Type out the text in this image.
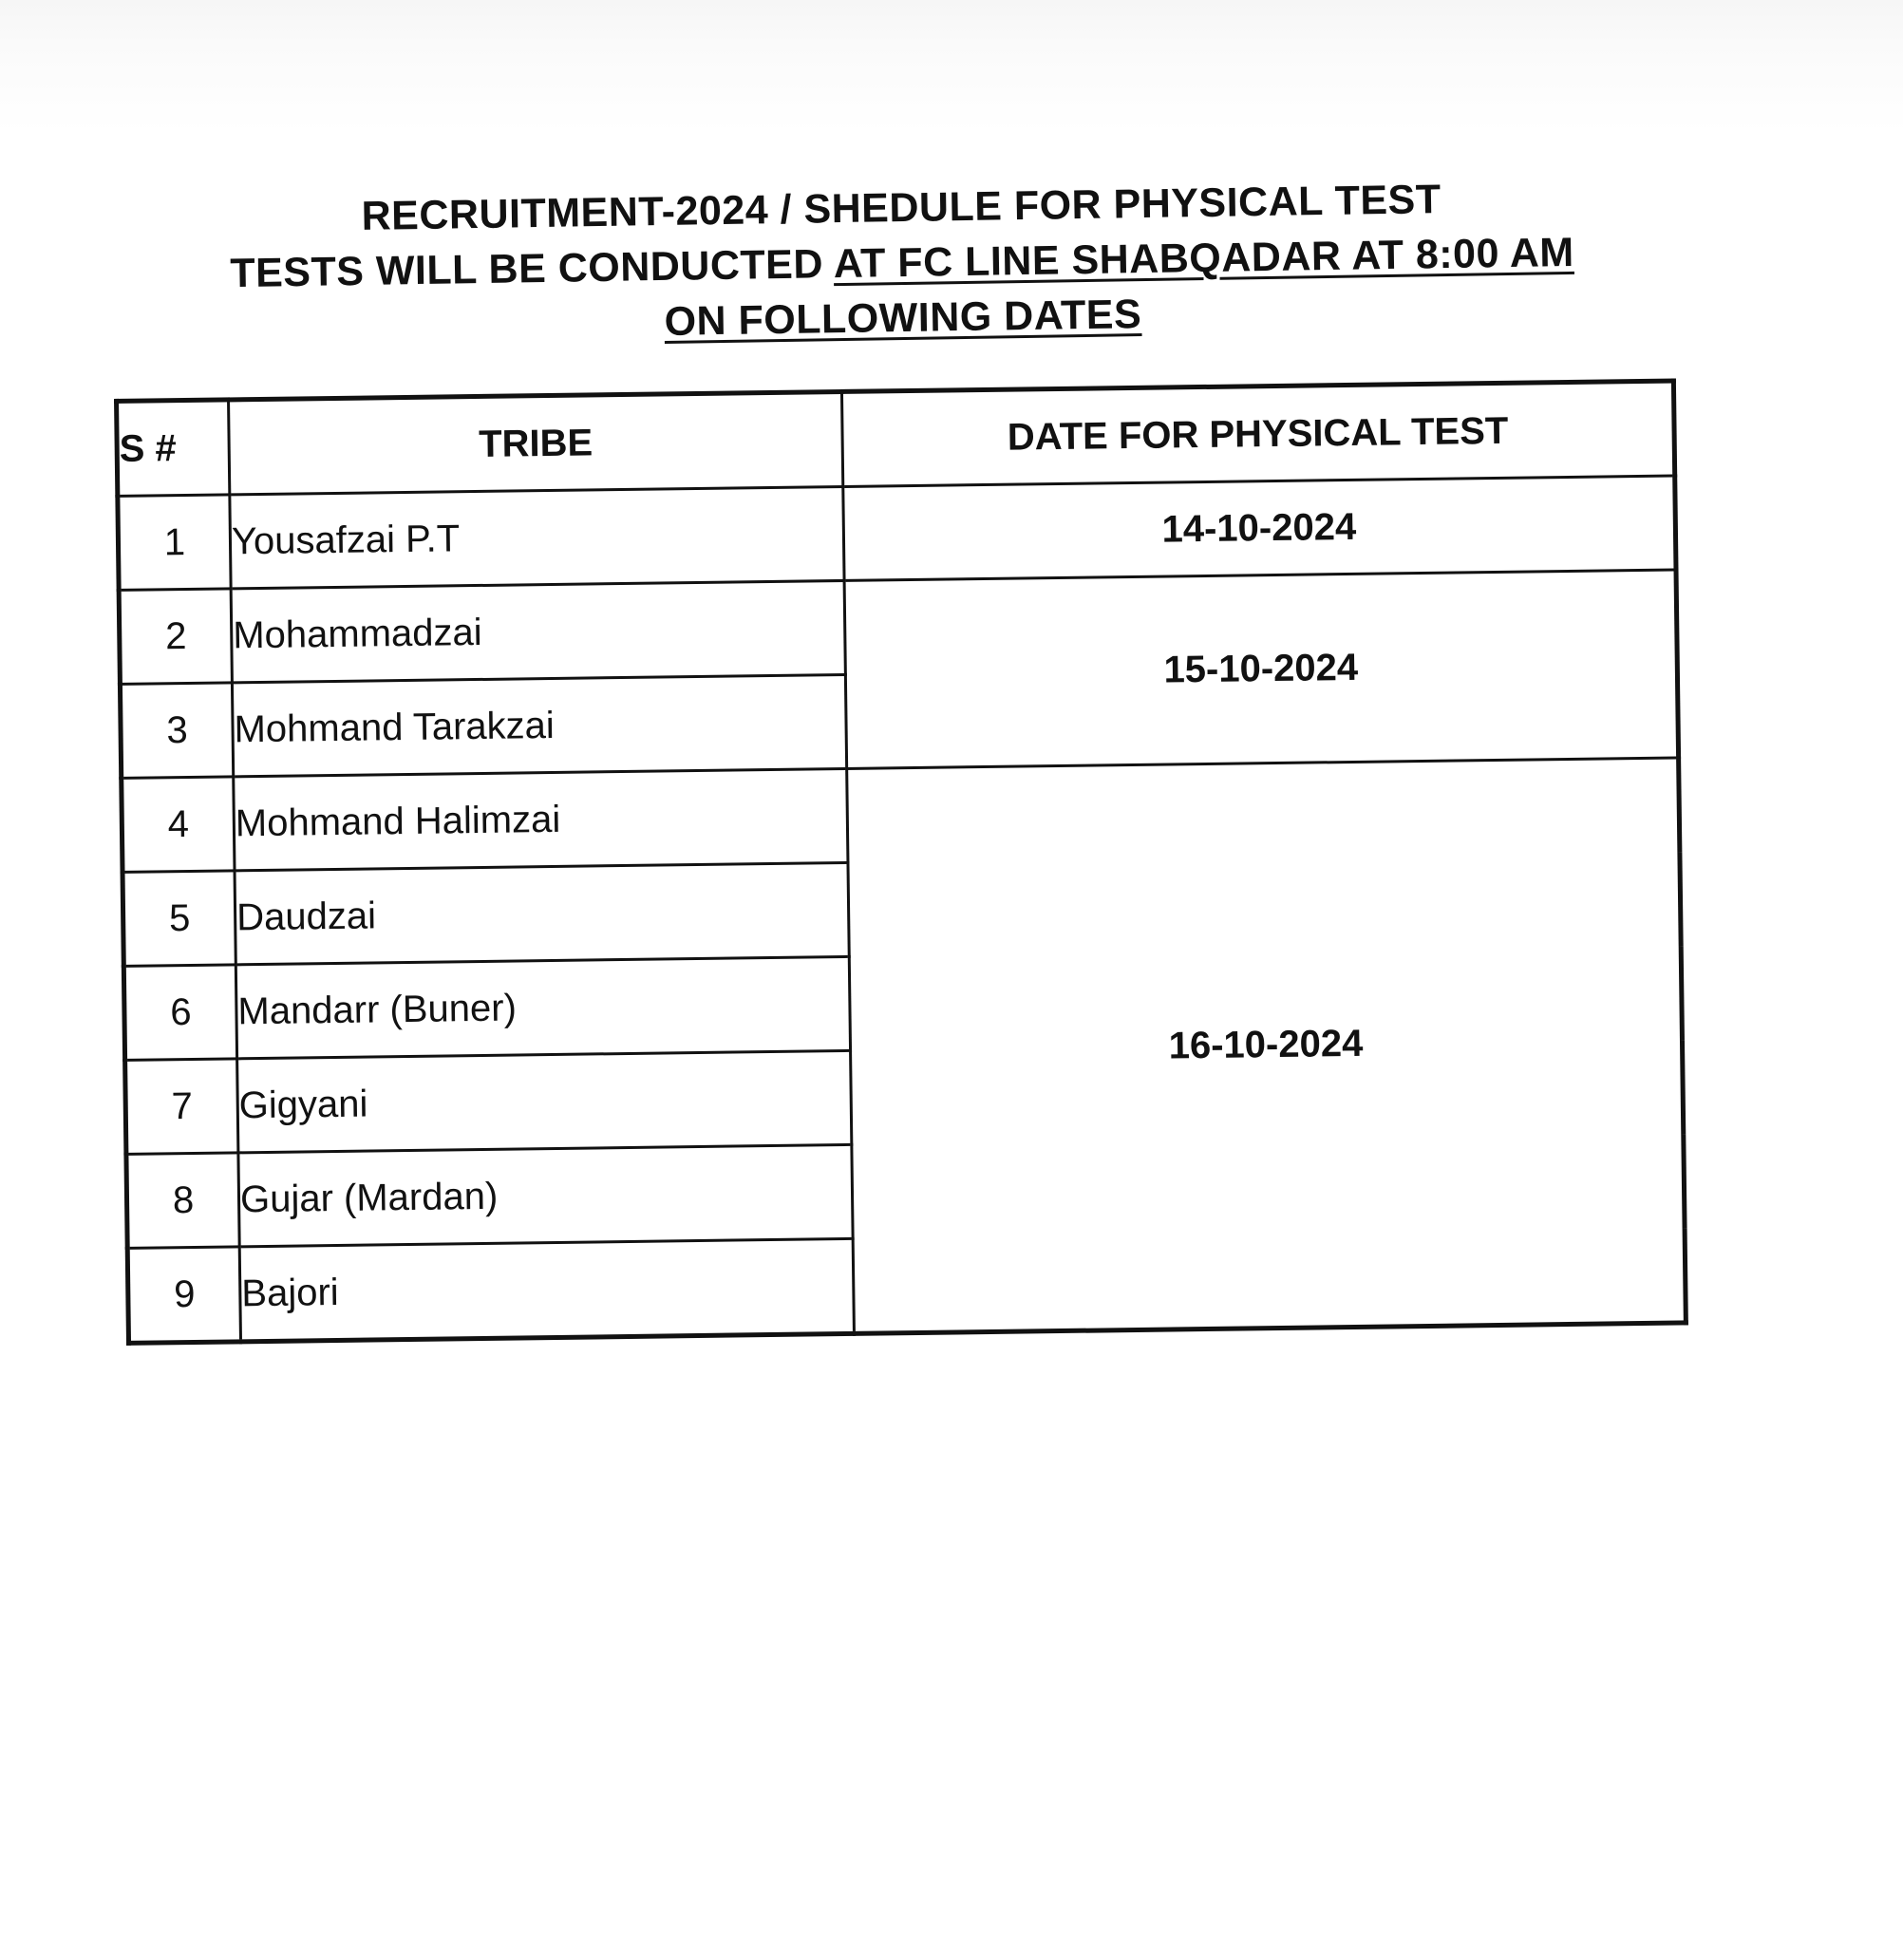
RECRUITMENT-2024 / SHEDULE FOR PHYSICAL TEST
TESTS WILL BE CONDUCTED AT FC LINE SHABQADAR AT 8:00 AM
ON FOLLOWING DATES
S #	TRIBE	DATE FOR PHYSICAL TEST
1	Yousafzai P.T	14-10-2024
2	Mohammadzai	15-10-2024
3	Mohmand Tarakzai	
4	Mohmand Halimzai	16-10-2024
5	Daudzai	
6	Mandarr (Buner)	
7	Gigyani	
8	Gujar (Mardan)	
9	Bajori	
